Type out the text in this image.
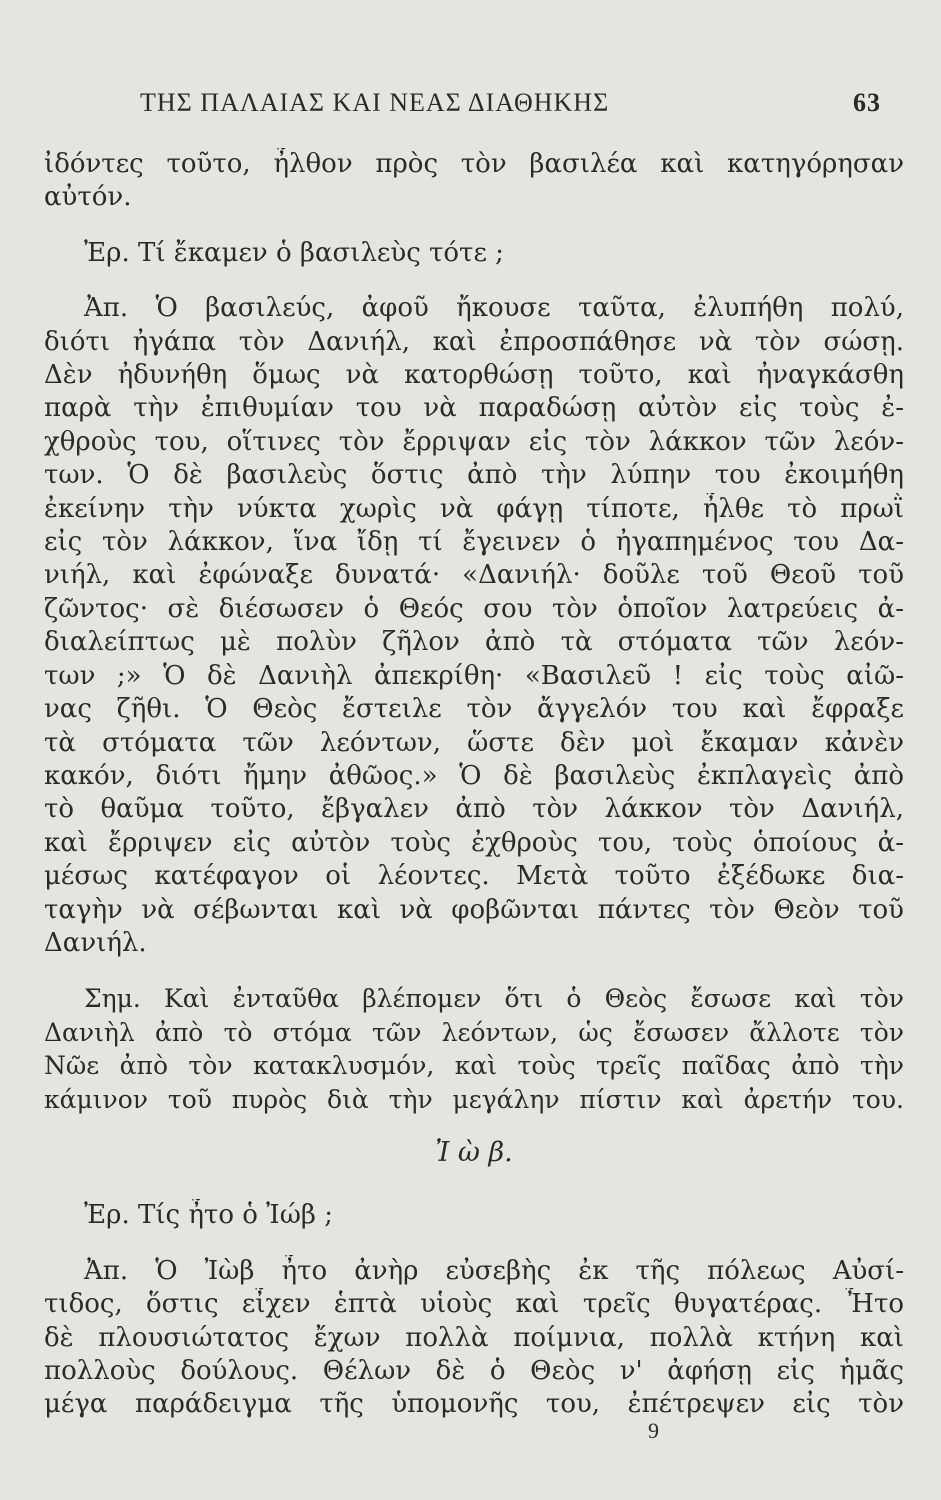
ΤΗΣ ΠΑΛΑΙΑΣ ΚΑΙ ΝΕΑΣ ΔΙΑΘΗΚΗΣ	63
ἰδόντες τοῦτο, ἦλθον πρὸς τὸν βασιλέα καὶ κατηγόρησαν
αὐτόν.
Ἐρ. Τί ἔκαμεν ὁ βασιλεὺς τότε ;
Ἀπ. Ὁ βασιλεύς, ἀφοῦ ἤκουσε ταῦτα, ἐλυπήθη πολύ,
διότι ἠγάπα τὸν Δανιήλ, καὶ ἐπροσπάθησε νὰ τὸν σώσῃ.
Δὲν ἠδυνήθη ὅμως νὰ κατορθώσῃ τοῦτο, καὶ ἠναγκάσθη
παρὰ τὴν ἐπιθυμίαν του νὰ παραδώσῃ αὐτὸν εἰς τοὺς ἐ-
χθροὺς του, οἵτινες τὸν ἔρριψαν εἰς τὸν λάκκον τῶν λεόν-
των. Ὁ δὲ βασιλεὺς ὅστις ἀπὸ τὴν λύπην του ἐκοιμήθη
ἐκείνην τὴν νύκτα χωρὶς νὰ φάγῃ τίποτε, ἦλθε τὸ πρωῒ
εἰς τὸν λάκκον, ἵνα ἴδῃ τί ἔγεινεν ὁ ἠγαπημένος του Δα-
νιήλ, καὶ ἐφώναξε δυνατά· «Δανιήλ· δοῦλε τοῦ Θεοῦ τοῦ
ζῶντος· σὲ διέσωσεν ὁ Θεός σου τὸν ὁποῖον λατρεύεις ἀ-
διαλείπτως μὲ πολὺν ζῆλον ἀπὸ τὰ στόματα τῶν λεόν-
των ;» Ὁ δὲ Δανιὴλ ἀπεκρίθη· «Βασιλεῦ ! εἰς τοὺς αἰῶ-
νας ζῆθι. Ὁ Θεὸς ἔστειλε τὸν ἄγγελόν του καὶ ἔφραξε
τὰ στόματα τῶν λεόντων, ὥστε δὲν μοὶ ἔκαμαν κἀνὲν
κακόν, διότι ἤμην ἀθῶος.» Ὁ δὲ βασιλεὺς ἐκπλαγεὶς ἀπὸ
τὸ θαῦμα τοῦτο, ἔβγαλεν ἀπὸ τὸν λάκκον τὸν Δανιήλ,
καὶ ἔρριψεν εἰς αὐτὸν τοὺς ἐχθροὺς του, τοὺς ὁποίους ἀ-
μέσως κατέφαγον οἱ λέοντες. Μετὰ τοῦτο ἐξέδωκε δια-
ταγὴν νὰ σέβωνται καὶ νὰ φοβῶνται πάντες τὸν Θεὸν τοῦ
Δανιήλ.
Σημ. Καὶ ἐνταῦθα βλέπομεν ὅτι ὁ Θεὸς ἔσωσε καὶ τὸν
Δανιὴλ ἀπὸ τὸ στόμα τῶν λεόντων, ὡς ἔσωσεν ἄλλοτε τὸν
Νῶε ἀπὸ τὸν κατακλυσμόν, καὶ τοὺς τρεῖς παῖδας ἀπὸ τὴν
κάμινον τοῦ πυρὸς διὰ τὴν μεγάλην πίστιν καὶ ἀρετήν του.
Ἰ ὼ β.
Ἐρ. Τίς ἦτο ὁ Ἰώβ ;
Ἀπ. Ὁ Ἰὼβ ἦτο ἀνὴρ εὐσεβὴς ἐκ τῆς πόλεως Αὐσί-
τιδος, ὅστις εἶχεν ἑπτὰ υἱοὺς καὶ τρεῖς θυγατέρας. Ἦτο
δὲ πλουσιώτατος ἔχων πολλὰ ποίμνια, πολλὰ κτήνη καὶ
πολλοὺς δούλους. Θέλων δὲ ὁ Θεὸς ν' ἀφήσῃ εἰς ἡμᾶς
μέγα παράδειγμα τῆς ὑπομονῆς του, ἐπέτρεψεν εἰς τὸν
9
